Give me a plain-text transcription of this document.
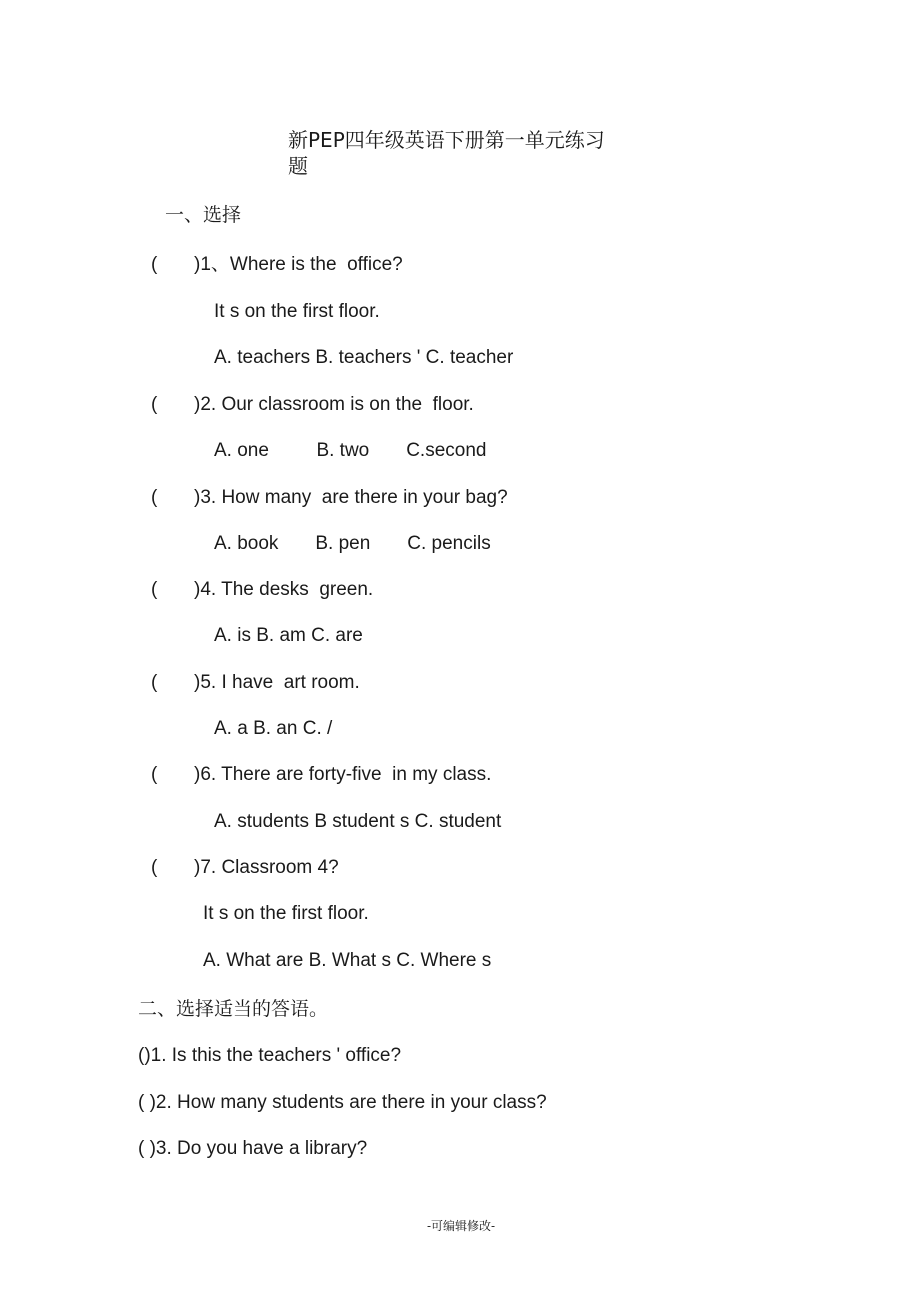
新PEP四年级英语下册第一单元练习
题
一、选择
( )1、Where is the  office?
It s on the first floor.
A. teachers B. teachers ' C. teacher
( )2. Our classroom is on the  floor.
A. one         B. two       C.second
( )3. How many  are there in your bag?
A. book       B. pen       C. pencils
( )4. The desks  green.
A. is B. am C. are
( )5. I have  art room.
A. a B. an C. /
( )6. There are forty-five  in my class.
A. students B student s C. student
( )7. Classroom 4?
It s on the first floor.
A. What are B. What s C. Where s
二、选择适当的答语。
()1. Is this the teachers ' office?
( )2. How many students are there in your class?
( )3. Do you have a library?
-可编辑修改-
